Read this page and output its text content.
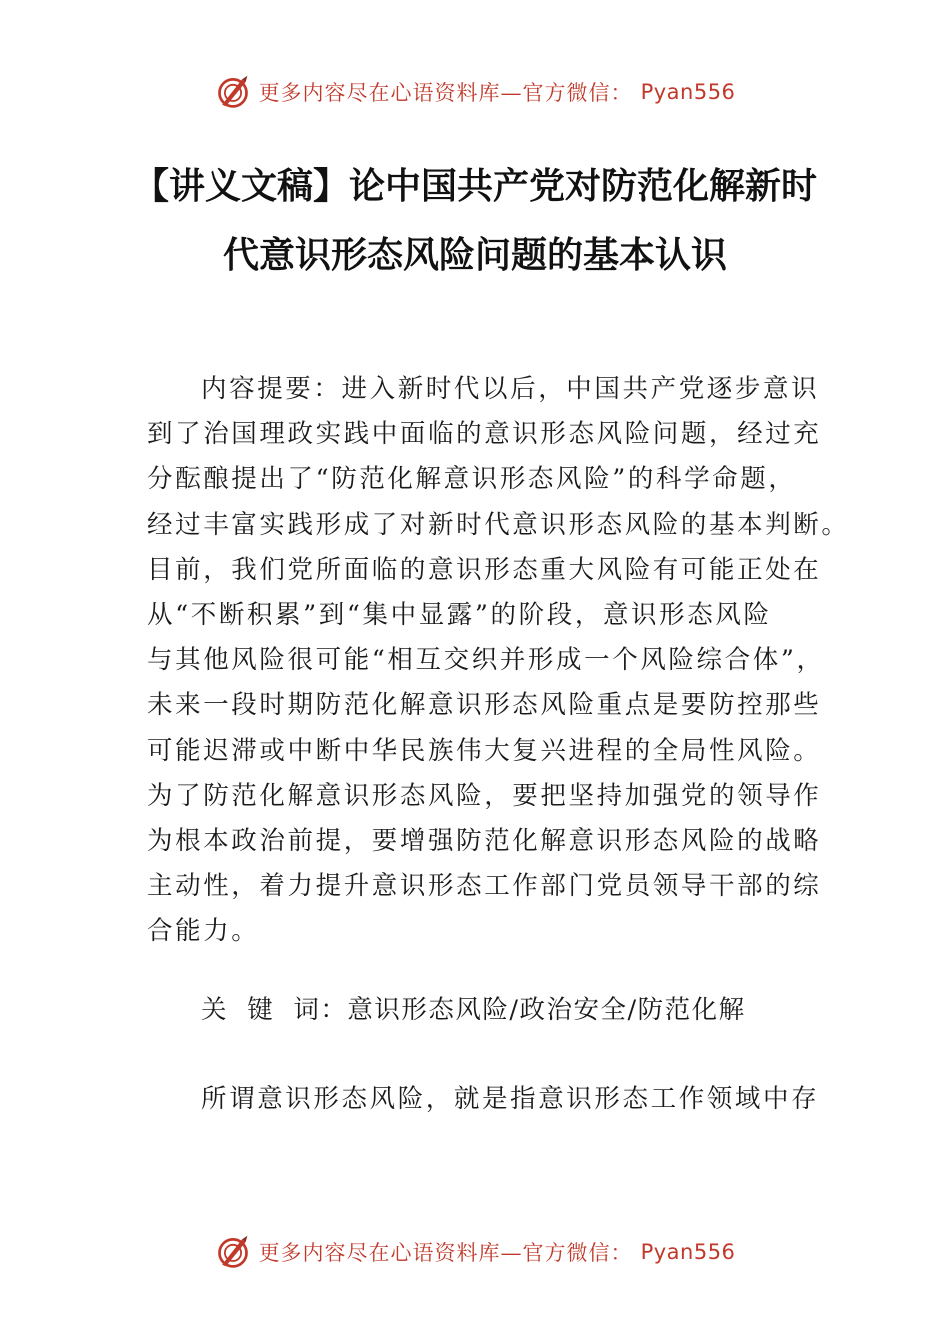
更多内容尽在心语资料库—官方微信： Pyan556
【讲义文稿】论中国共产党对防范化解新时
代意识形态风险问题的基本认识
内容提要：进入新时代以后，中国共产党逐步意识
到了治国理政实践中面临的意识形态风险问题，经过充
分酝酿提出了“防范化解意识形态风险”的科学命题，
经过丰富实践形成了对新时代意识形态风险的基本判断。
目前，我们党所面临的意识形态重大风险有可能正处在
从“不断积累”到“集中显露”的阶段，意识形态风险
与其他风险很可能“相互交织并形成一个风险综合体”，
未来一段时期防范化解意识形态风险重点是要防控那些
可能迟滞或中断中华民族伟大复兴进程的全局性风险。
为了防范化解意识形态风险，要把坚持加强党的领导作
为根本政治前提，要增强防范化解意识形态风险的战略
主动性，着力提升意识形态工作部门党员领导干部的综
合能力。
关  键  词：意识形态风险/政治安全/防范化解
所谓意识形态风险，就是指意识形态工作领域中存
更多内容尽在心语资料库—官方微信： Pyan556
